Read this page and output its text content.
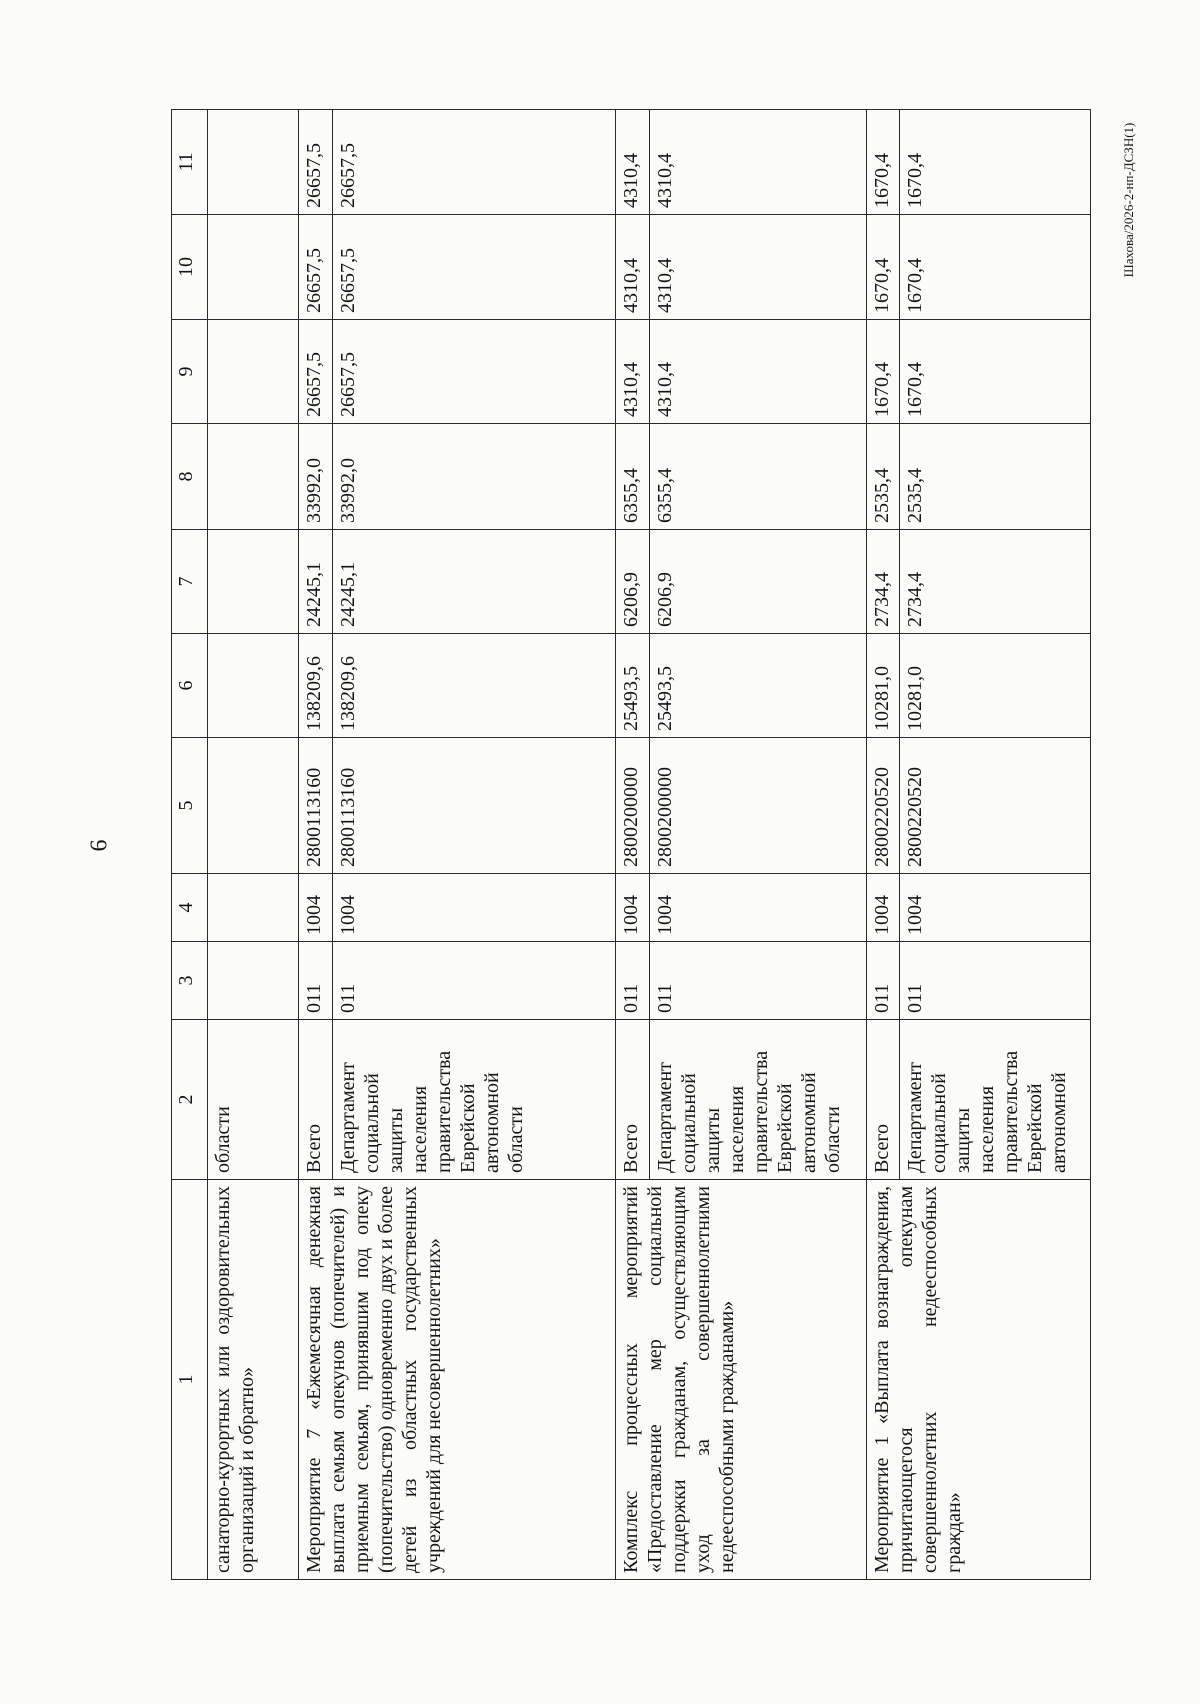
6
Шахова/2026-2-нп-ДСЗН(1)
1	2	3	4	5	6	7	8	9	10	11
санаторно-курортных или оздоровительных организаций и обратно»	области									
Мероприятие 7 «Ежемесячная денежная выплата семьям опекунов (попечителей) и приемным семьям, принявшим под опеку (попечительство) одновременно двух и более детей из областных государственных учреждений для несовершеннолетних»	Всего	011	1004	2800113160	138209,6	24245,1	33992,0	26657,5	26657,5	26657,5
	Департамент социальной защиты населения правительства Еврейской автономной области	011	1004	2800113160	138209,6	24245,1	33992,0	26657,5	26657,5	26657,5
Комплекс процессных мероприятий «Предоставление мер социальной поддержки гражданам, осуществляющим уход за совершеннолетними недееспособными гражданами»	Всего	011	1004	2800200000	25493,5	6206,9	6355,4	4310,4	4310,4	4310,4
	Департамент социальной защиты населения правительства Еврейской автономной области	011	1004	2800200000	25493,5	6206,9	6355,4	4310,4	4310,4	4310,4
Мероприятие 1 «Выплата вознаграждения, причитающегося опекунам совершеннолетних недееспособных граждан»	Всего	011	1004	2800220520	10281,0	2734,4	2535,4	1670,4	1670,4	1670,4
	Департамент социальной защиты населения правительства Еврейской автономной	011	1004	2800220520	10281,0	2734,4	2535,4	1670,4	1670,4	1670,4
